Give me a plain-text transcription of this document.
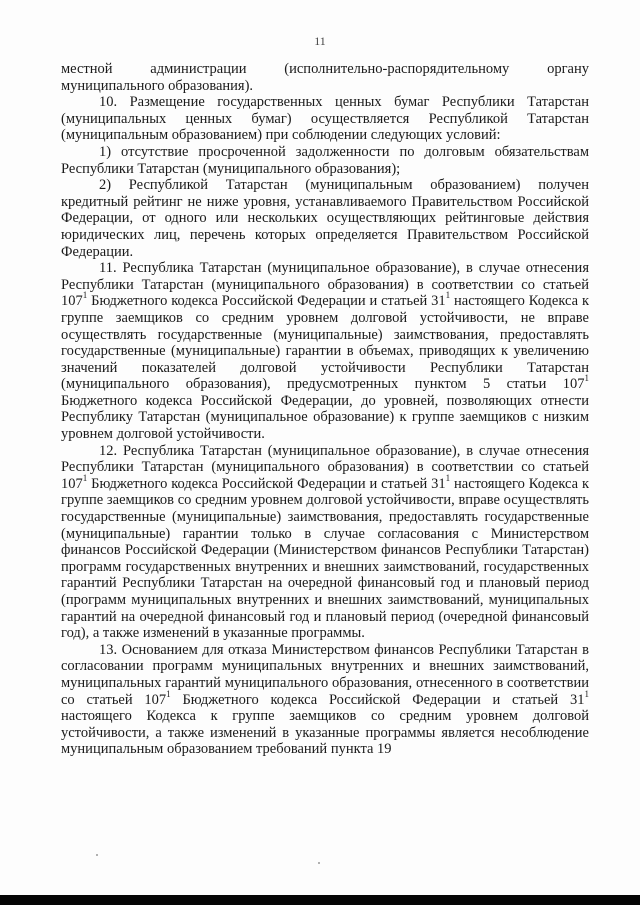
11

местной администрации (исполнительно-распорядительному органу муниципального образования).

10. Размещение государственных ценных бумаг Республики Татарстан (муниципальных ценных бумаг) осуществляется Республикой Татарстан (муниципальным образованием) при соблюдении следующих условий:

1) отсутствие просроченной задолженности по долговым обязательствам Республики Татарстан (муниципального образования);

2) Республикой Татарстан (муниципальным образованием) получен кредитный рейтинг не ниже уровня, устанавливаемого Правительством Российской Федерации, от одного или нескольких осуществляющих рейтинговые действия юридических лиц, перечень которых определяется Правительством Российской Федерации.

11. Республика Татарстан (муниципальное образование), в случае отнесения Республики Татарстан (муниципального образования) в соответствии со статьей $107^1$ Бюджетного кодекса Российской Федерации и статьей $31^1$ настоящего Кодекса к группе заемщиков со средним уровнем долговой устойчивости, не вправе осуществлять государственные (муниципальные) заимствования, предоставлять государственные (муниципальные) гарантии в объемах, приводящих к увеличению значений показателей долговой устойчивости Республики Татарстан (муниципального образования), предусмотренных пунктом 5 статьи $107^1$ Бюджетного кодекса Российской Федерации, до уровней, позволяющих отнести Республику Татарстан (муниципальное образование) к группе заемщиков с низким уровнем долговой устойчивости.

12. Республика Татарстан (муниципальное образование), в случае отнесения Республики Татарстан (муниципального образования) в соответствии со статьей $107^1$ Бюджетного кодекса Российской Федерации и статьей $31^1$ настоящего Кодекса к группе заемщиков со средним уровнем долговой устойчивости, вправе осуществлять государственные (муниципальные) заимствования, предоставлять государственные (муниципальные) гарантии только в случае согласования с Министерством финансов Российской Федерации (Министерством финансов Республики Татарстан) программ государственных внутренних и внешних заимствований, государственных гарантий Республики Татарстан на очередной финансовый год и плановый период (программ муниципальных внутренних и внешних заимствований, муниципальных гарантий на очередной финансовый год и плановый период (очередной финансовый год), а также изменений в указанные программы.

13. Основанием для отказа Министерством финансов Республики Татарстан в согласовании программ муниципальных внутренних и внешних заимствований, муниципальных гарантий муниципального образования, отнесенного в соответствии со статьей $107^1$ Бюджетного кодекса Российской Федерации и статьей $31^1$ настоящего Кодекса к группе заемщиков со средним уровнем долговой устойчивости, а также изменений в указанные программы является несоблюдение муниципальным образованием требований пункта 19
